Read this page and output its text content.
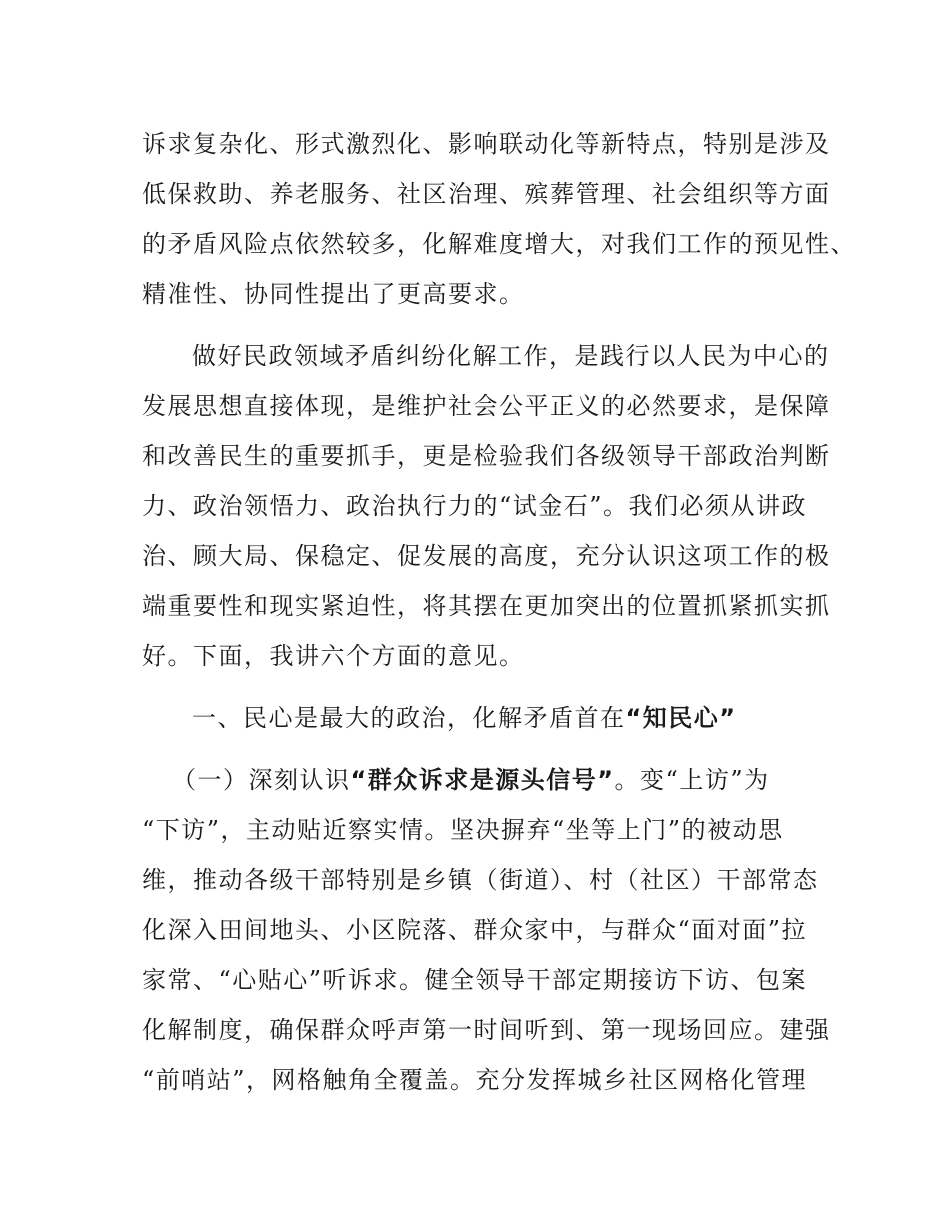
诉求复杂化、形式激烈化、影响联动化等新特点，特别是涉及
低保救助、养老服务、社区治理、殡葬管理、社会组织等方面
的矛盾风险点依然较多，化解难度增大，对我们工作的预见性、
精准性、协同性提出了更高要求。

做好民政领域矛盾纠纷化解工作，是践行以人民为中心的
发展思想直接体现，是维护社会公平正义的必然要求，是保障
和改善民生的重要抓手，更是检验我们各级领导干部政治判断
力、政治领悟力、政治执行力的“试金石”。我们必须从讲政
治、顾大局、保稳定、促发展的高度，充分认识这项工作的极
端重要性和现实紧迫性，将其摆在更加突出的位置抓紧抓实抓
好。下面，我讲六个方面的意见。

一、民心是最大的政治，化解矛盾首在“知民心”

（一）深刻认识“群众诉求是源头信号”。变“上访”为
“下访”，主动贴近察实情。坚决摒弃“坐等上门”的被动思
维，推动各级干部特别是乡镇（街道）、村（社区）干部常态
化深入田间地头、小区院落、群众家中，与群众“面对面”拉
家常、“心贴心”听诉求。健全领导干部定期接访下访、包案
化解制度，确保群众呼声第一时间听到、第一现场回应。建强
“前哨站”，网格触角全覆盖。充分发挥城乡社区网格化管理
